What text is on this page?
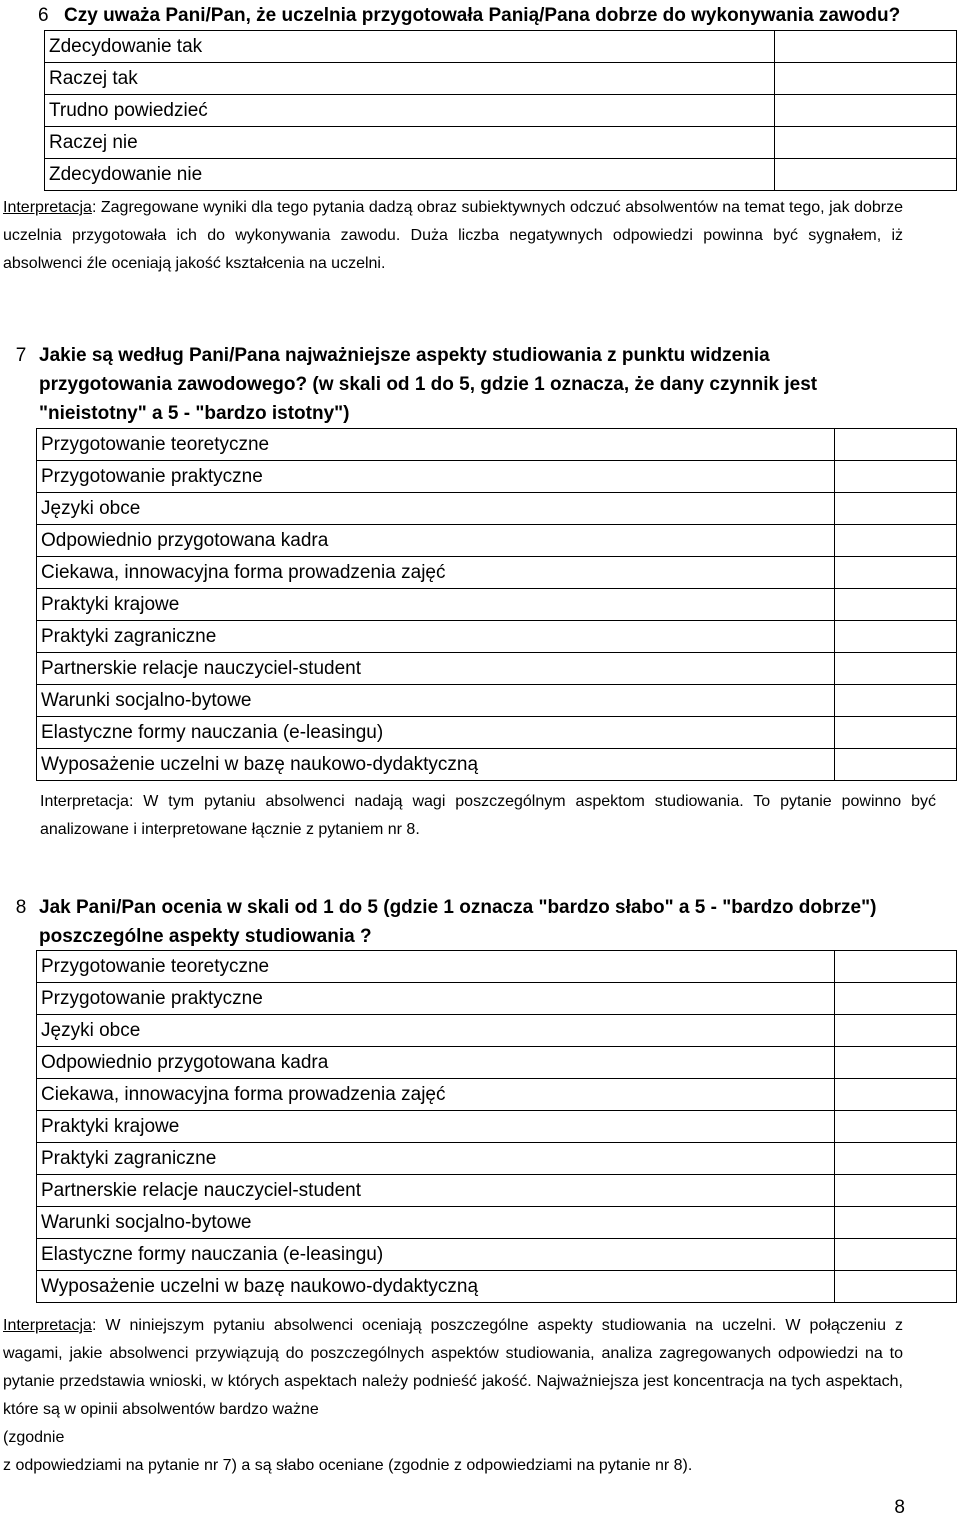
6 Czy uważa Pani/Pan, że uczelnia przygotowała Panią/Pana dobrze do wykonywania zawodu?
Zdecydowanie tak	
Raczej tak	
Trudno powiedzieć	
Raczej nie	
Zdecydowanie nie	
Interpretacja: Zagregowane wyniki dla tego pytania dadzą obraz subiektywnych odczuć absolwentów na temat tego, jak dobrze uczelnia przygotowała ich do wykonywania zawodu. Duża liczba negatywnych odpowiedzi powinna być sygnałem, iż absolwenci źle oceniają jakość kształcenia na uczelni.
7 Jakie są według Pani/Pana najważniejsze aspekty studiowania z punktu widzenia przygotowania zawodowego? (w skali od 1 do 5, gdzie 1 oznacza, że dany czynnik jest "nieistotny" a 5 - "bardzo istotny")
Przygotowanie teoretyczne	
Przygotowanie praktyczne	
Języki obce	
Odpowiednio przygotowana kadra	
Ciekawa, innowacyjna forma prowadzenia zajęć	
Praktyki krajowe	
Praktyki zagraniczne	
Partnerskie relacje nauczyciel-student	
Warunki socjalno-bytowe	
Elastyczne formy nauczania (e-leasingu)	
Wyposażenie uczelni w bazę naukowo-dydaktyczną	
Interpretacja: W tym pytaniu absolwenci nadają wagi poszczególnym aspektom studiowania. To pytanie powinno być analizowane i interpretowane łącznie z pytaniem nr 8.
8 Jak Pani/Pan ocenia w skali od 1 do 5 (gdzie 1 oznacza "bardzo słabo" a 5 - "bardzo dobrze") poszczególne aspekty studiowania ?
Przygotowanie teoretyczne	
Przygotowanie praktyczne	
Języki obce	
Odpowiednio przygotowana kadra	
Ciekawa, innowacyjna forma prowadzenia zajęć	
Praktyki krajowe	
Praktyki zagraniczne	
Partnerskie relacje nauczyciel-student	
Warunki socjalno-bytowe	
Elastyczne formy nauczania (e-leasingu)	
Wyposażenie uczelni w bazę naukowo-dydaktyczną	
Interpretacja: W niniejszym pytaniu absolwenci oceniają poszczególne aspekty studiowania na uczelni. W połączeniu z wagami, jakie absolwenci przywiązują do poszczególnych aspektów studiowania, analiza zagregowanych odpowiedzi na to pytanie przedstawia wnioski, w których aspektach należy podnieść jakość. Najważniejsza jest koncentracja na tych aspektach, które są w opinii absolwentów bardzo ważne
(zgodnie
z odpowiedziami na pytanie nr 7) a są słabo oceniane (zgodnie z odpowiedziami na pytanie nr 8).
8
